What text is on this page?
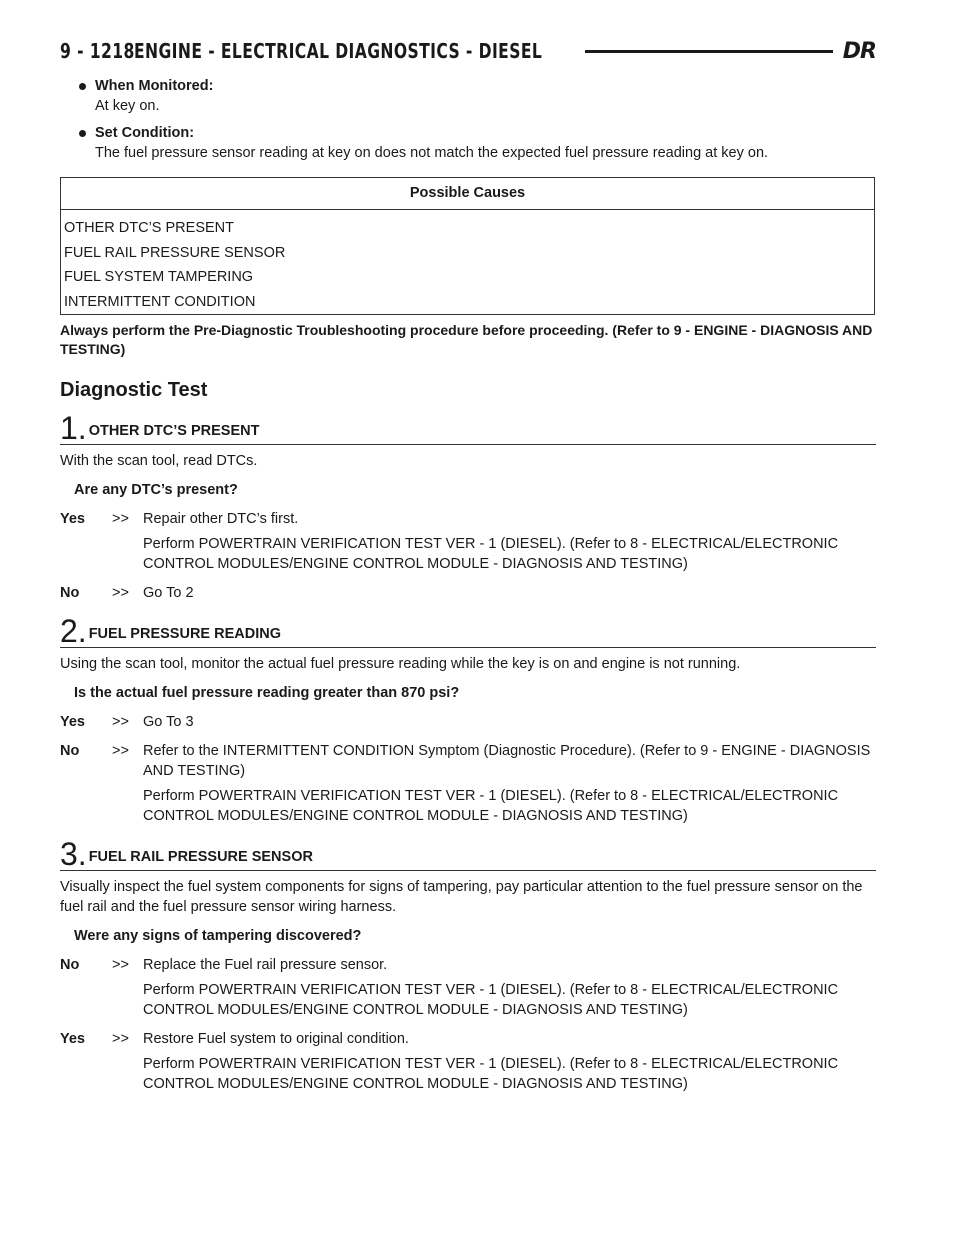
9 - 1218 ENGINE - ELECTRICAL DIAGNOSTICS - DIESEL	DR
When Monitored:
At key on.
Set Condition:
The fuel pressure sensor reading at key on does not match the expected fuel pressure reading at key on.
Possible Causes
OTHER DTC’S PRESENT
FUEL RAIL PRESSURE SENSOR
FUEL SYSTEM TAMPERING
INTERMITTENT CONDITION
Always perform the Pre-Diagnostic Troubleshooting procedure before proceeding. (Refer to 9 - ENGINE - DIAGNOSIS AND TESTING)
Diagnostic Test
1. OTHER DTC’S PRESENT
With the scan tool, read DTCs.
Are any DTC’s present?
Yes	>> Repair other DTC’s first.
Perform POWERTRAIN VERIFICATION TEST VER - 1 (DIESEL). (Refer to 8 - ELECTRICAL/ELECTRONIC CONTROL MODULES/ENGINE CONTROL MODULE - DIAGNOSIS AND TESTING)
No	>> Go To 2
2. FUEL PRESSURE READING
Using the scan tool, monitor the actual fuel pressure reading while the key is on and engine is not running.
Is the actual fuel pressure reading greater than 870 psi?
Yes	>> Go To 3
No	>> Refer to the INTERMITTENT CONDITION Symptom (Diagnostic Procedure). (Refer to 9 - ENGINE - DIAGNOSIS AND TESTING)
Perform POWERTRAIN VERIFICATION TEST VER - 1 (DIESEL). (Refer to 8 - ELECTRICAL/ELECTRONIC CONTROL MODULES/ENGINE CONTROL MODULE - DIAGNOSIS AND TESTING)
3. FUEL RAIL PRESSURE SENSOR
Visually inspect the fuel system components for signs of tampering, pay particular attention to the fuel pressure sensor on the fuel rail and the fuel pressure sensor wiring harness.
Were any signs of tampering discovered?
No	>> Replace the Fuel rail pressure sensor.
Perform POWERTRAIN VERIFICATION TEST VER - 1 (DIESEL). (Refer to 8 - ELECTRICAL/ELECTRONIC CONTROL MODULES/ENGINE CONTROL MODULE - DIAGNOSIS AND TESTING)
Yes	>> Restore Fuel system to original condition.
Perform POWERTRAIN VERIFICATION TEST VER - 1 (DIESEL). (Refer to 8 - ELECTRICAL/ELECTRONIC CONTROL MODULES/ENGINE CONTROL MODULE - DIAGNOSIS AND TESTING)
